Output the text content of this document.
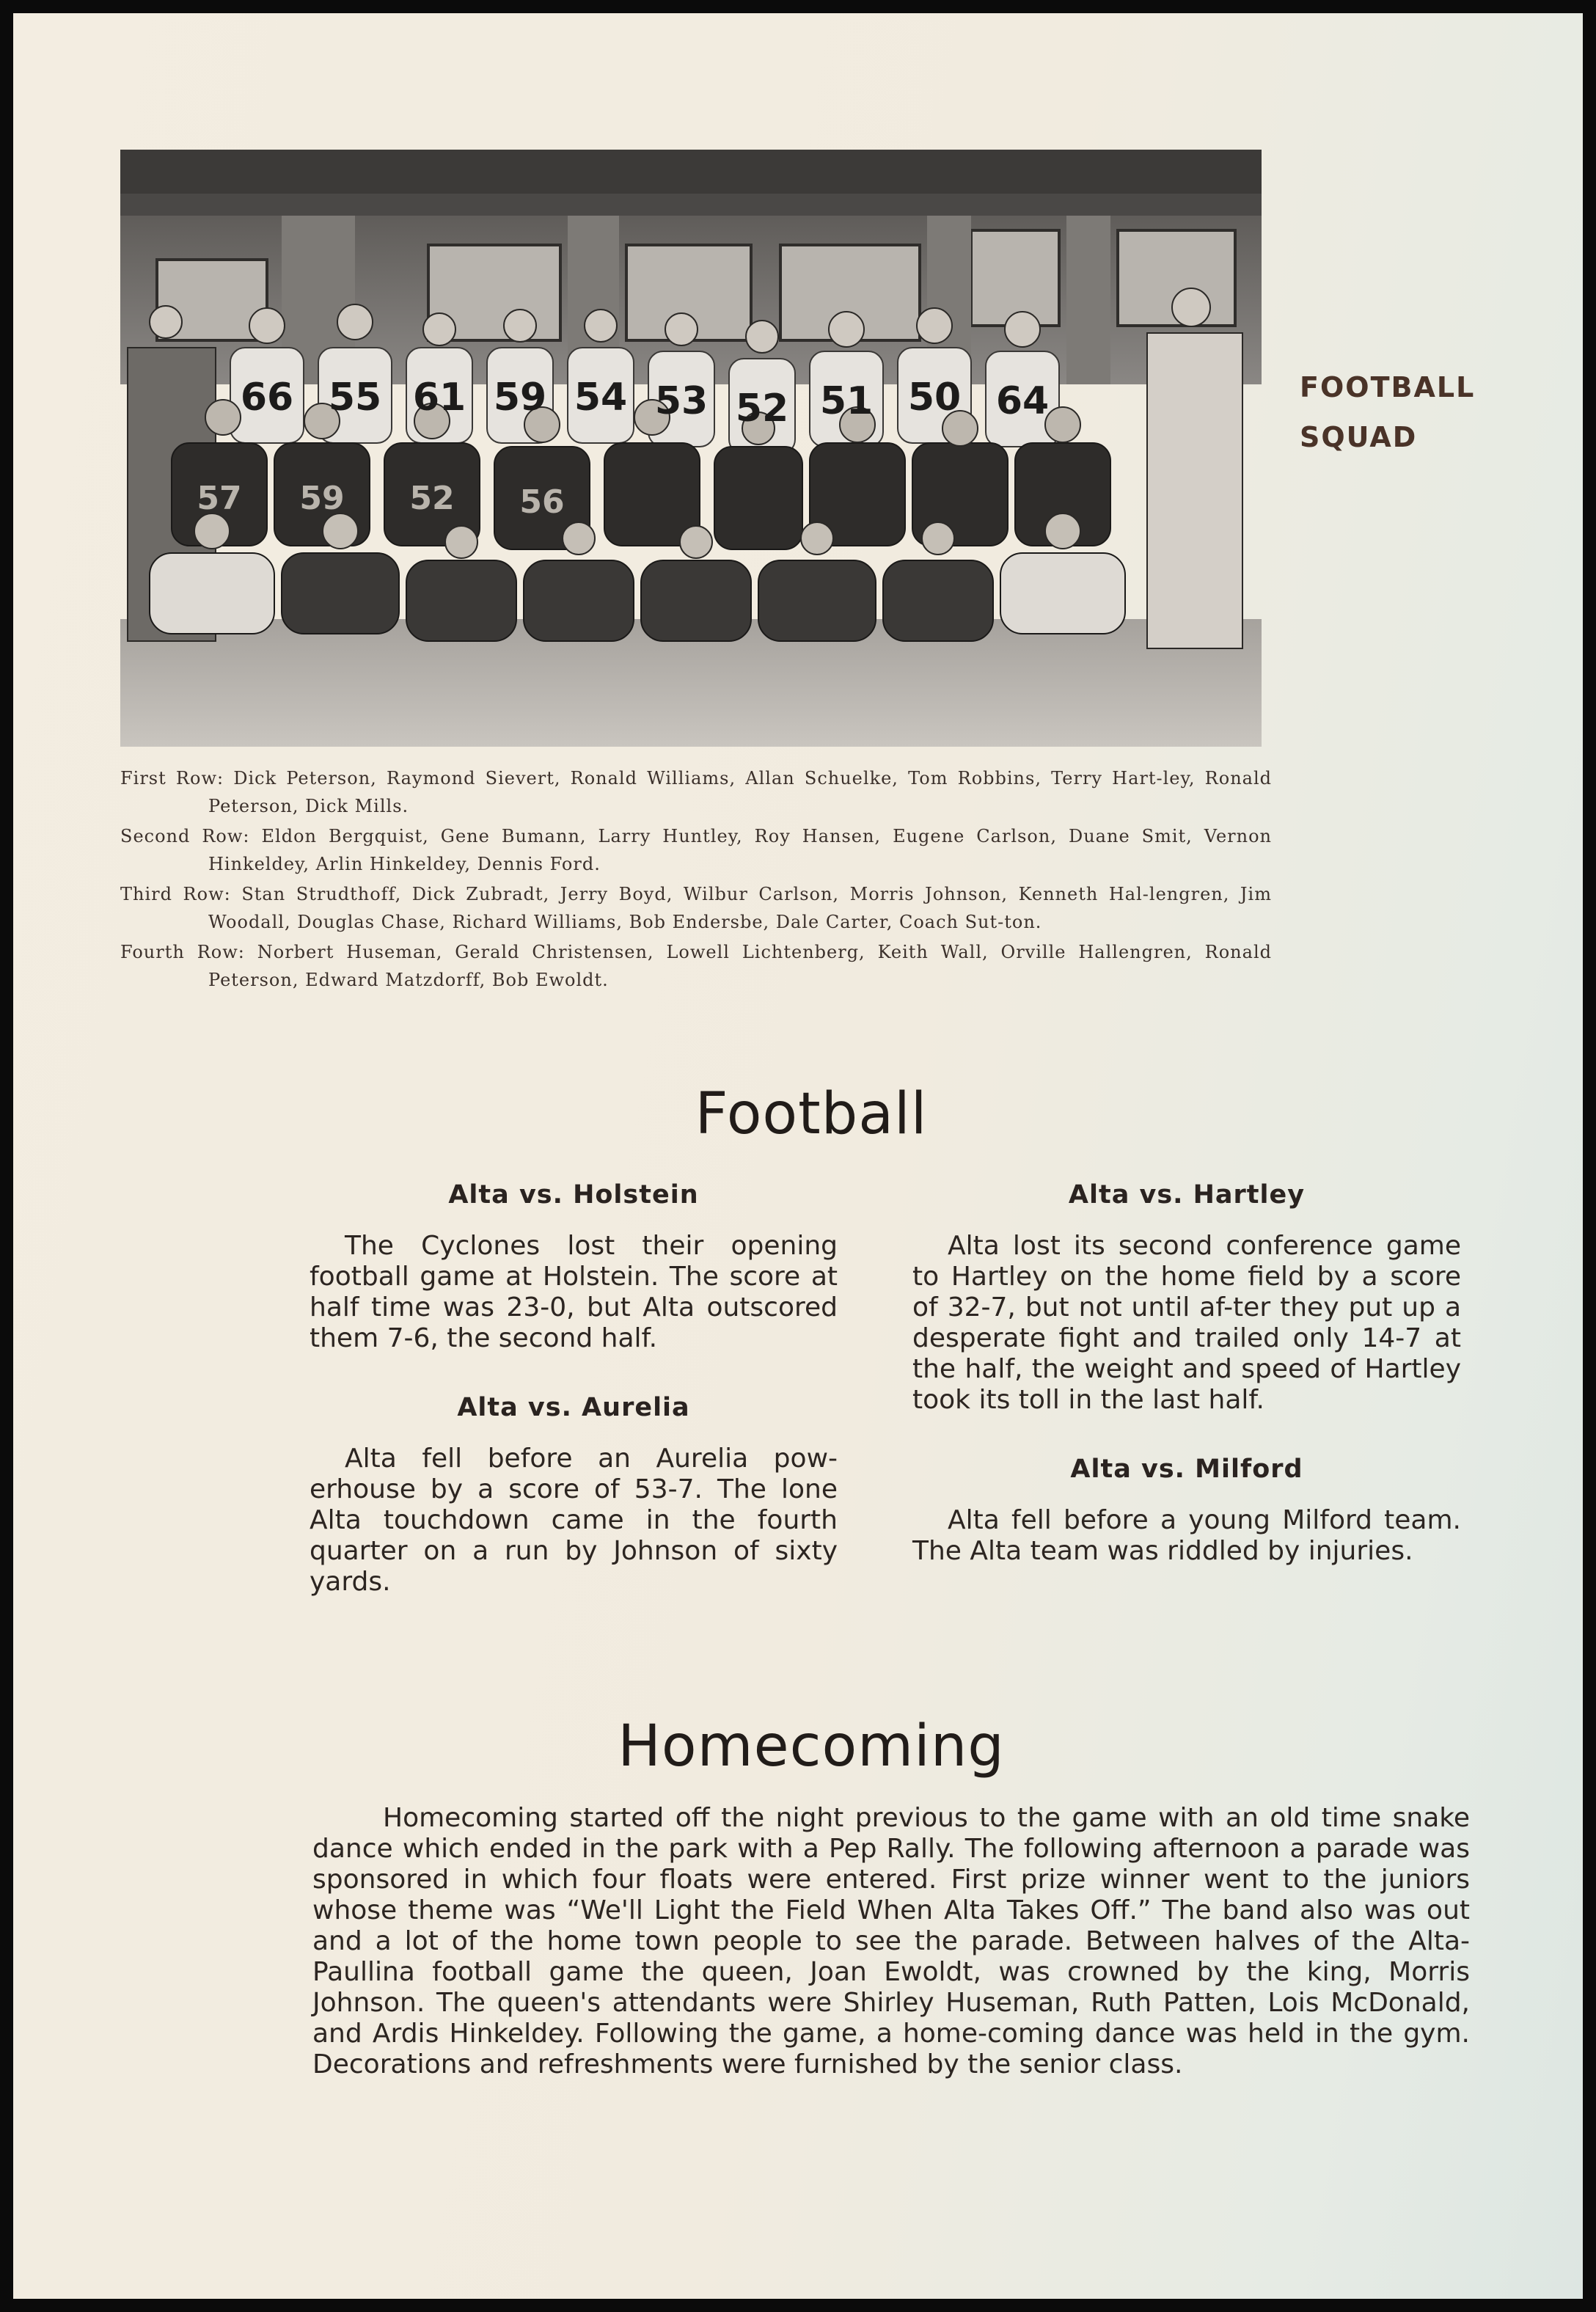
66 55 61 59 54 53 52 51 50 64
57 59 52 56
FOOTBALL
SQUAD

First Row: Dick Peterson, Raymond Sievert, Ronald Williams, Allan Schuelke, Tom Robbins, Terry Hart-ley, Ronald Peterson, Dick Mills.

Second Row: Eldon Bergquist, Gene Bumann, Larry Huntley, Roy Hansen, Eugene Carlson, Duane Smit, Vernon Hinkeldey, Arlin Hinkeldey, Dennis Ford.

Third Row: Stan Strudthoff, Dick Zubradt, Jerry Boyd, Wilbur Carlson, Morris Johnson, Kenneth Hal-lengren, Jim Woodall, Douglas Chase, Richard Williams, Bob Endersbe, Dale Carter, Coach Sut-ton.

Fourth Row: Norbert Huseman, Gerald Christensen, Lowell Lichtenberg, Keith Wall, Orville Hallengren, Ronald Peterson, Edward Matzdorff, Bob Ewoldt.

Football
Alta vs. Holstein
The Cyclones lost their opening football game at Holstein. The score at half time was 23-0, but Alta outscored them 7-6, the second half.
Alta vs. Aurelia
Alta fell before an Aurelia pow-erhouse by a score of 53-7. The lone Alta touchdown came in the fourth quarter on a run by Johnson of sixty yards.
Alta vs. Hartley
Alta lost its second conference game to Hartley on the home field by a score of 32-7, but not until af-ter they put up a desperate fight and trailed only 14-7 at the half, the weight and speed of Hartley took its toll in the last half.
Alta vs. Milford
Alta fell before a young Milford team. The Alta team was riddled by injuries.
Homecoming
Homecoming started off the night previous to the game with an old time snake dance which ended in the park with a Pep Rally. The following afternoon a parade was sponsored in which four floats were entered. First prize winner went to the juniors whose theme was “We'll Light the Field When Alta Takes Off.” The band also was out and a lot of the home town people to see the parade. Between halves of the Alta-Paullina football game the queen, Joan Ewoldt, was crowned by the king, Morris Johnson. The queen's attendants were Shirley Huseman, Ruth Patten, Lois McDonald, and Ardis Hinkeldey. Following the game, a home-coming dance was held in the gym. Decorations and refreshments were furnished by the senior class.
